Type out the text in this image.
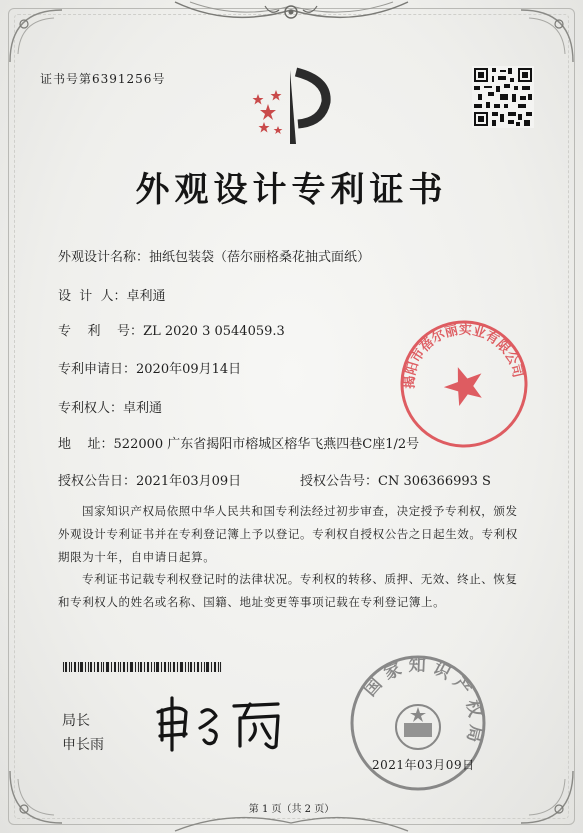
证书号第6391256号
外观设计专利证书
外观设计名称：抽纸包装袋（蓓尔丽格桑花抽式面纸）
设  计  人：卓利通
专    利    号：ZL 2020 3 0544059.3
专利申请日：2020年09月14日
专利权人：卓利通
地    址：522000 广东省揭阳市榕城区榕华飞燕四巷C座1/2号
授权公告日：2021年03月09日	授权公告号：CN 306366993 S
国家知识产权局依照中华人民共和国专利法经过初步审查，决定授予专利权，颁发外观设计专利证书并在专利登记簿上予以登记。专利权自授权公告之日起生效。专利权期限为十年，自申请日起算。
专利证书记载专利权登记时的法律状况。专利权的转移、质押、无效、终止、恢复和专利权人的姓名或名称、国籍、地址变更等事项记载在专利登记簿上。
揭阳市蓓尔丽实业有限公司
局长
申长雨
国家知识产权局
2021年03月09日
第 1 页（共 2 页）
